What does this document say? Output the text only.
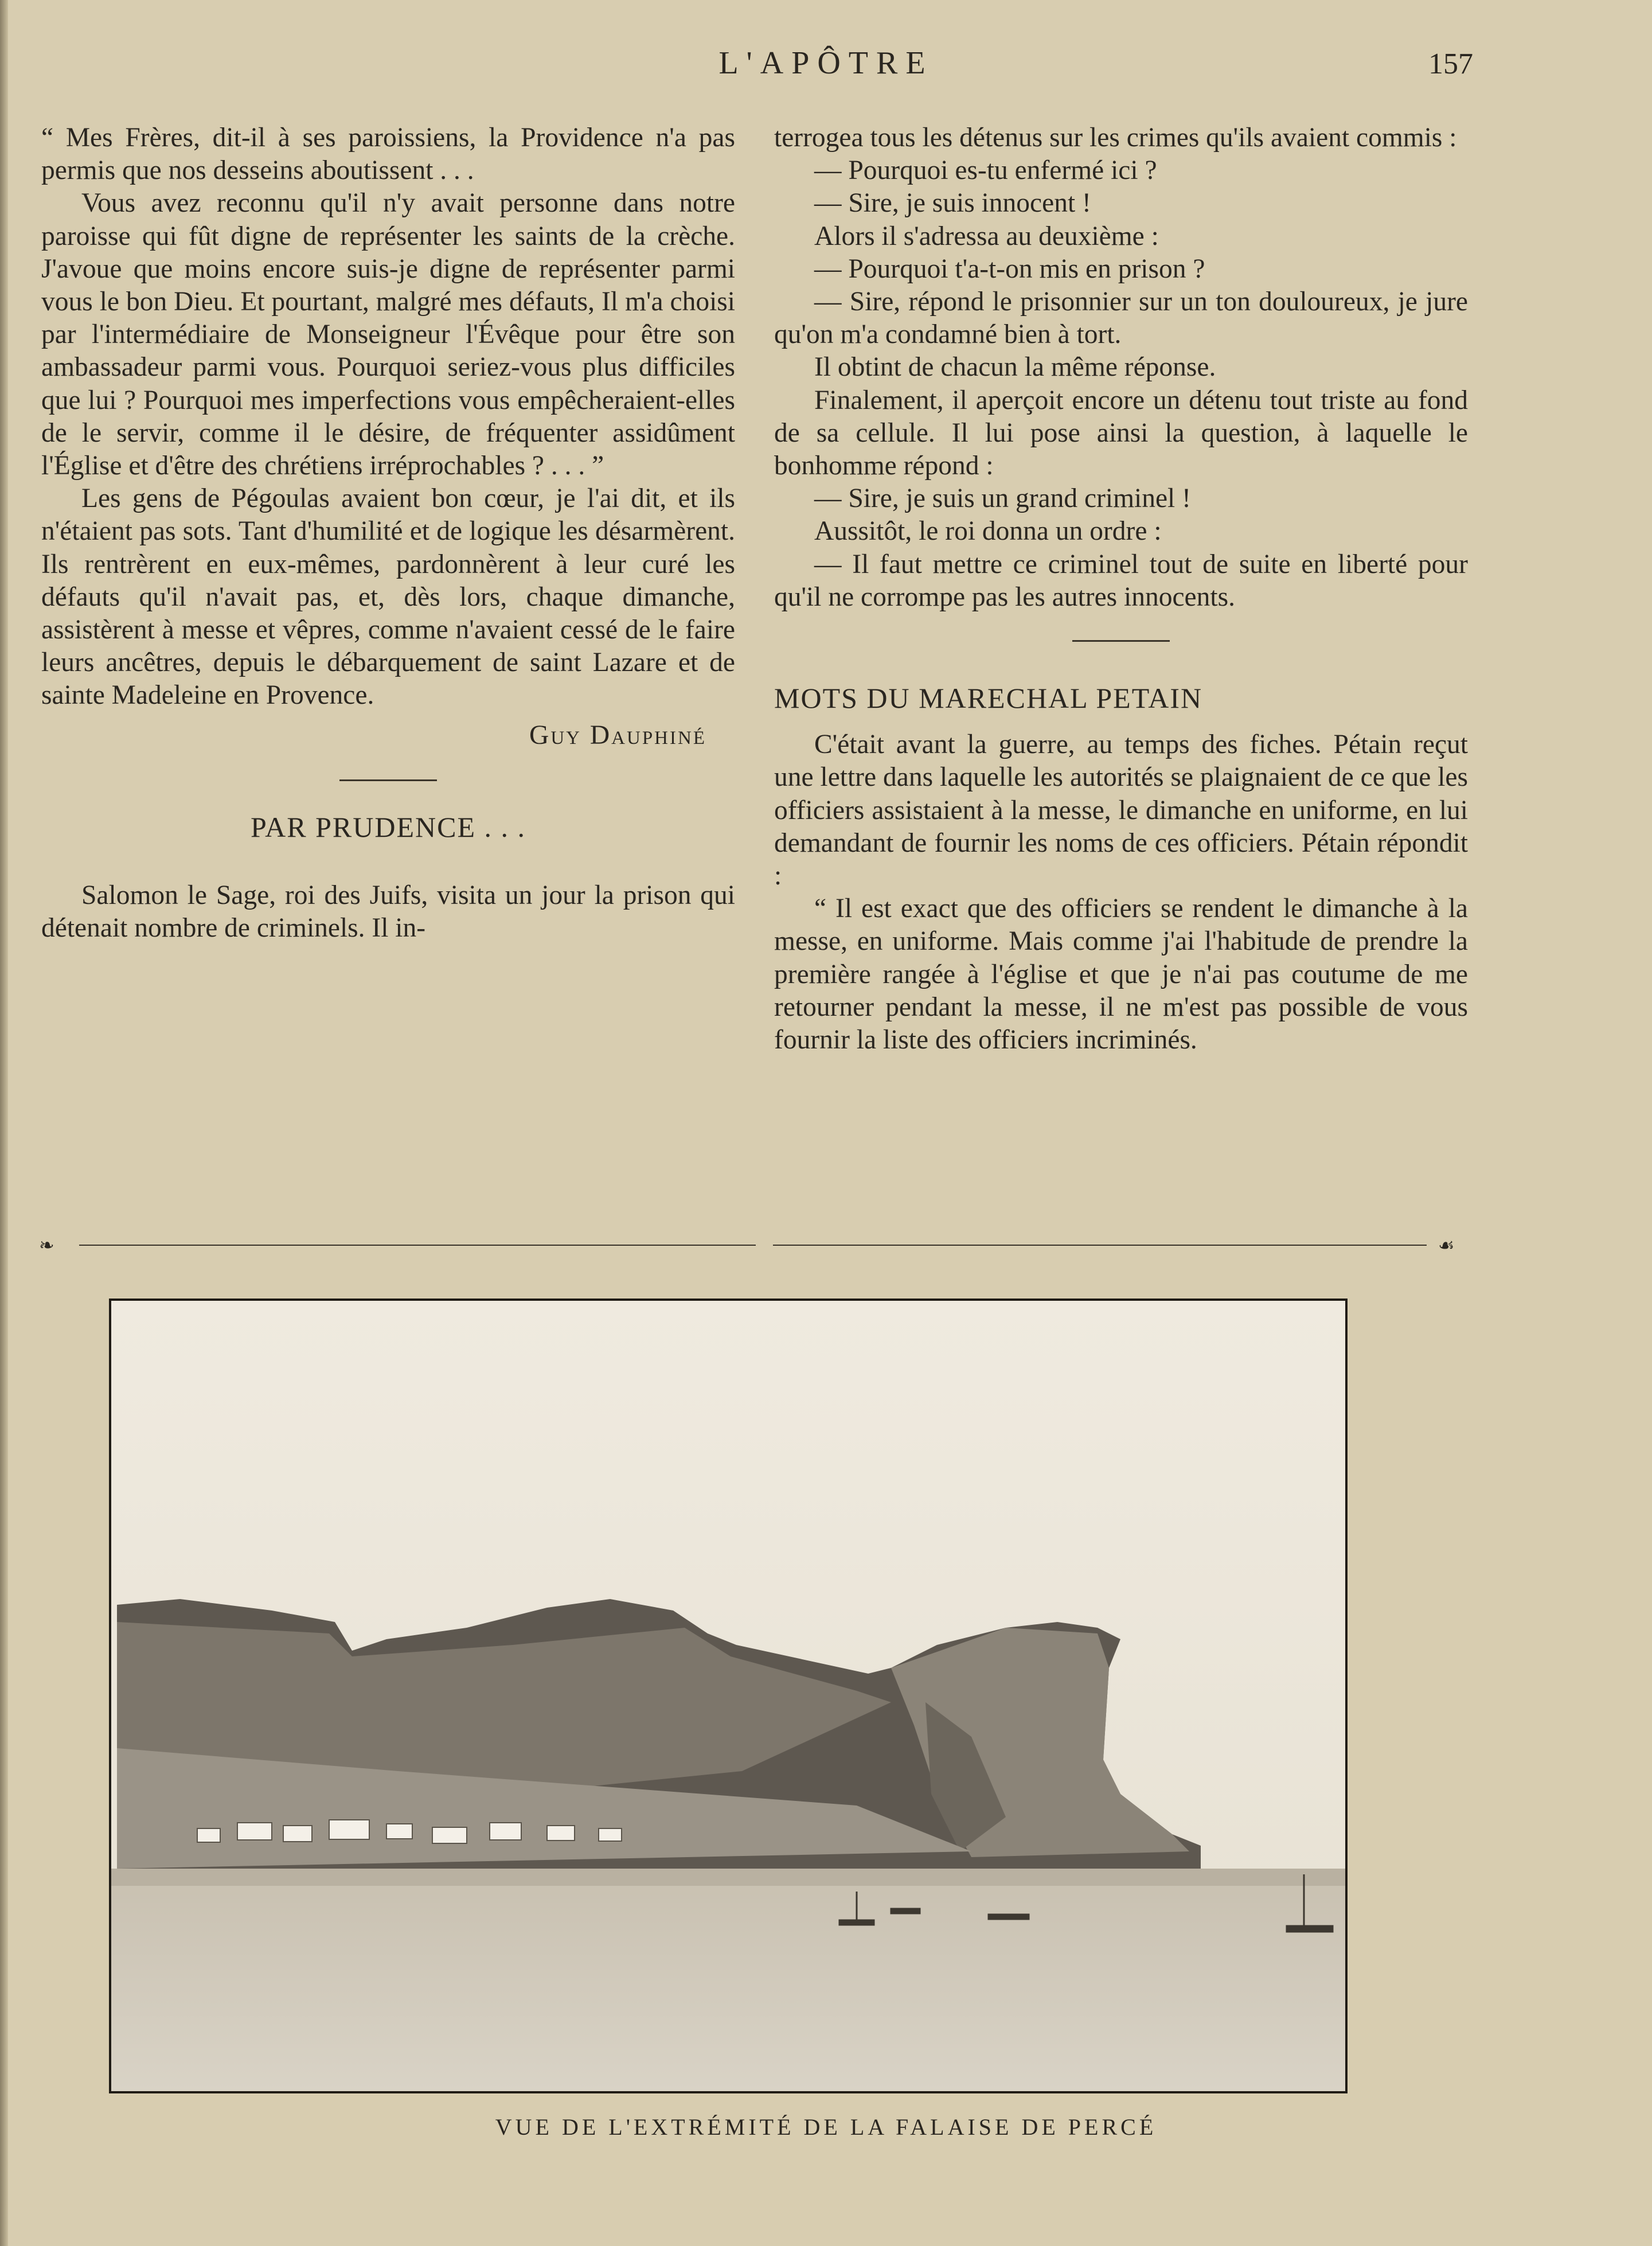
L'APÔTRE	157

“ Mes Frères, dit-il à ses paroissiens, la Providence n'a pas permis que nos desseins aboutissent . . .

Vous avez reconnu qu'il n'y avait personne dans notre paroisse qui fût digne de représenter les saints de la crèche. J'avoue que moins encore suis-je digne de représenter parmi vous le bon Dieu. Et pourtant, malgré mes défauts, Il m'a choisi par l'intermédiaire de Monseigneur l'Évêque pour être son ambassadeur parmi vous. Pourquoi seriez-vous plus difficiles que lui ? Pourquoi mes imperfections vous empêcheraient-elles de le servir, comme il le désire, de fréquenter assidûment l'Église et d'être des chrétiens irréprochables ? . . . ”

Les gens de Pégoulas avaient bon cœur, je l'ai dit, et ils n'étaient pas sots. Tant d'humilité et de logique les désarmèrent. Ils rentrèrent en eux-mêmes, pardonnèrent à leur curé les défauts qu'il n'avait pas, et, dès lors, chaque dimanche, assistèrent à messe et vêpres, comme n'avaient cessé de le faire leurs ancêtres, depuis le débarquement de saint Lazare et de sainte Madeleine en Provence.

Guy Dauphiné
PAR PRUDENCE . . .

Salomon le Sage, roi des Juifs, visita un jour la prison qui détenait nombre de criminels. Il in-

terrogea tous les détenus sur les crimes qu'ils avaient commis :

— Pourquoi es-tu enfermé ici ?

— Sire, je suis innocent !

Alors il s'adressa au deuxième :

— Pourquoi t'a-t-on mis en prison ?

— Sire, répond le prisonnier sur un ton douloureux, je jure qu'on m'a condamné bien à tort.

Il obtint de chacun la même réponse.

Finalement, il aperçoit encore un détenu tout triste au fond de sa cellule. Il lui pose ainsi la question, à laquelle le bonhomme répond :

— Sire, je suis un grand criminel !

Aussitôt, le roi donna un ordre :

— Il faut mettre ce criminel tout de suite en liberté pour qu'il ne corrompe pas les autres innocents.

MOTS DU MARECHAL PETAIN

C'était avant la guerre, au temps des fiches. Pétain reçut une lettre dans laquelle les autorités se plaignaient de ce que les officiers assistaient à la messe, le dimanche en uniforme, en lui demandant de fournir les noms de ces officiers. Pétain répondit :

“ Il est exact que des officiers se rendent le dimanche à la messe, en uniforme. Mais comme j'ai l'habitude de prendre la première rangée à l'église et que je n'ai pas coutume de me retourner pendant la messe, il ne m'est pas possible de vous fournir la liste des officiers incriminés.

❧	☙
VUE DE L'EXTRÉMITÉ DE LA FALAISE DE PERCÉ
